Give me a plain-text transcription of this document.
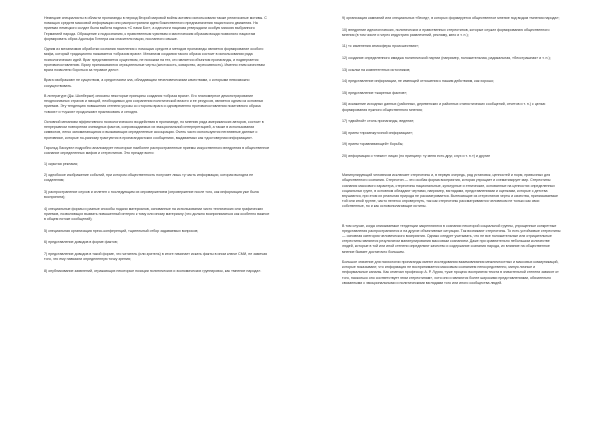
Немецкие специалисты в области пропаганды в период Второй мировой войны активно использовали также религиозные мотивы. С помощью средств массовой информации они распространяли идею божественного предназначения нацистского движения. На приемах немецкого солдат была выбита надпись «С нами Бог», а идеологи нацизма утверждали особую миссию выбранного Германией народа. Обращение к подсознанию, к нравственным чувствам и мистическим образам вождя позволяло нацистам формировать образ Адольфа Гитлера как спасителя нации, посланного свыше.

Одним из механизмов обработки сознания населения с помощью средств и методов пропаганды является формирование особого мифа, который традиционно называется «образом врага». Механизм создания такого образа состоит в использовании ряда психологических идей. Враг представляется существом, не похожим на тех, кто является объектом пропаганды, и подвергается противопоставлению. Врагу приписываются отрицательные черты (жестокость, коварство, агрессивность). Именно этим качествам врага позволено бороться за «правое дело».

Врага изображают не существом, а средоточием зла, обладающим нечеловеческими качествами, с которыми невозможно сосуществовать.

В литературе (Дж. Шонберже) описаны некоторые принципы создания «образа врага». Его планомерное демонстрирование неоднозначных страхов и эмоций, необходимых для сохранения политической власти и ее ресурсов, является одним из основных приемов. Эту тенденцию повышения степени угрозы со стороны врага и одновременно противопоставления позитивного образа «своих» и «чужих» продолжают практиковать и сегодня.

Основной механизм эффективного психологического воздействия в пропаганде, по мнению ряда американских авторов, состоит в непрерывном повторении очевидных фактов, сопровождаемых их эмоциональной интерпретацией, а также в использовании символов, легко запоминающихся и вызывающих определенные ассоциации. Очень часто используются негативные данные о противнике, которые по-разному трактуются в пропагандистских сообщениях, выдаваемых как «достоверная информация».

Гарольд Лассуэлл подробно анализирует некоторые наиболее распространенные приемы искусственного внедрения в общественное сознание определенных мифов и стереотипов. Это прежде всего:

1) скрытая реклама;

2) однобокое изображение событий, при котором общественность получает лишь ту часть информации, которая выгодна ее создателям;

3) распространение слухов и сплетен с последующим их опровержением (опровержение после того, как информация уже была воспринята);

4) специальные формы и разные способы подачи материалов, основанные на использовании чисто технических или графических приемов, позволяющих вызвать повышенный интерес к тому или иному материалу (что должно восприниматься как особенно важное в общем потоке сообщений);

5) специальная организация пресс-конференций, тщательный отбор задаваемых вопросов;

6) представление доводов в форме фактов;

7) представление доводов в такой форме, что читатель (или зритель) в итоге начинает искать факты в ином ключе СМИ, не замечая того, что ему навязали определенную точку зрения;

8) опубликование заявлений, отражающих некоторые позиции политических и экономических группировок, как «мнение народа».

9) организация кампаний или специальных «бесед», в которых формируется общественное мнение под видом «мнения народа»;

10) внедрение идеологических, политических и нравственных стереотипов, которые служат формированию общественного мнения (в том числе и через индустрию развлечений, рекламу, кино и т. п.);

11) «с изменения атмосферы происшествия»;

12) создание определенного имиджа политической партии (например, положительная, радикальная, «бесстрашная» и т. п.);

13) ссылки на компетентных источников;

14) представление информации, не имеющей отношения к нашим действиям, как хорошо;

15) представление «жареных фактов»;

16) искажение исходных данных (районных, деревенских и районных статистических сообщений, отчетов и т. п.) с целью формирования нужного общественного мнения;

17) «двойной» стиль пропаганды, ведение;

18) прием «промежуточной информации»;

19) прием «сравнивающей» борьбы;

20) информация о «неких» лицах (по принципу: «у меня есть друг, слух и т. п.») и другие

Манипулирующий человеком исключает стереотипы и, в первую очередь, ряд установок, ценностей и норм, привычных для общественного сознания. Стереотип — это особая форма восприятия, которая упрощает и схематизирует мир. Стереотипы сознания массового характера, стереотипы национальные, культурные и этнические, основанные на ценностях определенных социальных групп, в основном обладают чертами, например, взглядами, представлениями и оценками, которые с детства внушаются, при этом их реальная природа не рассматривается. Вытекающие из стереотипов черты и качества, приписываемые той или иной группе, часто нелегко опровергнуть, так как стереотипы рассматриваются человеком не только как свои собственные, но и как основополагающие истины.

В том случае, когда описываемые тенденции закрепляются в сознании некоторой социальной группы, упрощенные конкретные представления распространяются и на другие объективные ситуации. Так возникают стереотипы. То есть устойчивые стереотипы — основная категория человеческого восприятия. Однако следует учитывать, что не все положительные или отрицательные стереотипы являются результатом манипулирования массовым сознанием. Даже при сравнительно небольшом количестве людей, которые в той или иной степени определяют качество и содержание сознания народа, их влияние на общественное мнение бывает достаточно большим.

Большое значение для психологии пропаганды имеют исследования взаимовлияния межличностных и массовых коммуникаций, которые показывают, что информация не воспринимается массовым сознанием непосредственно, минуя личные и неформальные каналы. Как отмечал профессор А. Р. Лурия, «уже процесс восприятия текста в значительной степени зависит от того, насколько оно соответствует этим стереотипам», хотя они и являются более широкими представлениями, обязательно связанными с эмоциональными и политическими взглядами того или иного сообщества людей.
